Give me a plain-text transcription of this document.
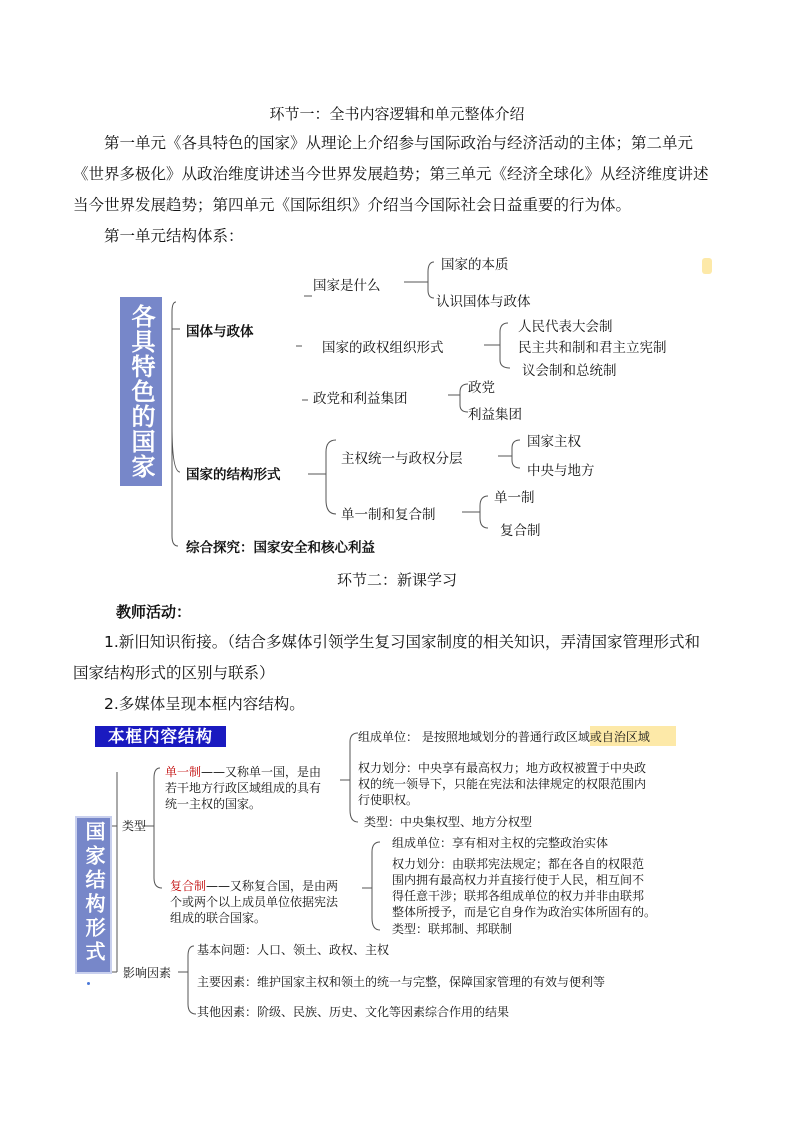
环节一：全书内容逻辑和单元整体介绍
第一单元《各具特色的国家》从理论上介绍参与国际政治与经济活动的主体；第二单元
《世界多极化》从政治维度讲述当今世界发展趋势；第三单元《经济全球化》从经济维度讲述
当今世界发展趋势；第四单元《国际组织》介绍当今国际社会日益重要的行为体。
第一单元结构体系：
各具特色的国家	国体与政体
国家是什么
国家的本质
认识国体与政体
国家的政权组织形式
人民代表大会制
民主共和制和君主立宪制
议会制和总统制
政党和利益集团
政党
利益集团
国家的结构形式
主权统一与政权分层
国家主权
中央与地方
单一制和复合制
单一制
复合制
综合探究：国家安全和核心利益
环节二：新课学习
教师活动：
1.新旧知识衔接。（结合多媒体引领学生复习国家制度的相关知识，弄清国家管理形式和
国家结构形式的区别与联系）
2.多媒体呈现本框内容结构。
本框内容结构
国家结构形式	类型
单一制——又称单一国，是由
若干地方行政区域组成的具有
统一主权的国家。
组成单位： 是按照地域划分的普通行政区域或自治区域
权力划分：中央享有最高权力；地方政权被置于中央政
权的统一领导下，只能在宪法和法律规定的权限范围内
行使职权。
类型：中央集权型、地方分权型
复合制——又称复合国，是由两
个或两个以上成员单位依据宪法
组成的联合国家。
组成单位：享有相对主权的完整政治实体
权力划分：由联邦宪法规定；都在各自的权限范
围内拥有最高权力并直接行使于人民，相互间不
得任意干涉；联邦各组成单位的权力并非由联邦
整体所授予，而是它自身作为政治实体所固有的。
类型：联邦制、邦联制
影响因素
基本问题：人口、领土、政权、主权
主要因素：维护国家主权和领土的统一与完整，保障国家管理的有效与便利等
其他因素：阶级、民族、历史、文化等因素综合作用的结果
